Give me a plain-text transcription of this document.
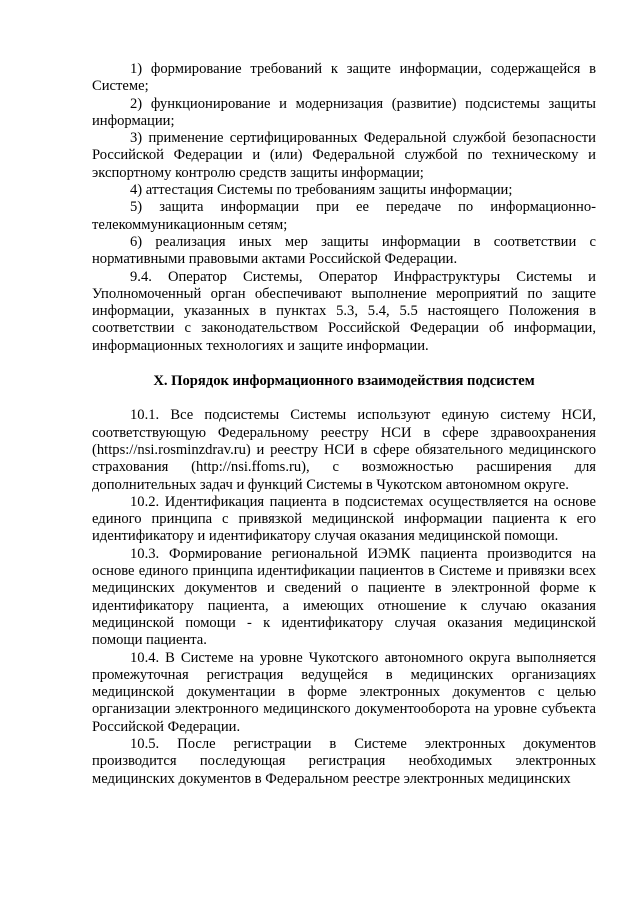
1) формирование требований к защите информации, содержащейся в Системе;

2) функционирование и модернизация (развитие) подсистемы защиты информации;

3) применение сертифицированных Федеральной службой безопасности Российской Федерации и (или) Федеральной службой по техническому и экспортному контролю средств защиты информации;

4) аттестация Системы по требованиям защиты информации;

5) защита информации при ее передаче по информационно-телекоммуникационным сетям;

6) реализация иных мер защиты информации в соответствии с нормативными правовыми актами Российской Федерации.

9.4. Оператор Системы, Оператор Инфраструктуры Системы и Уполномоченный орган обеспечивают выполнение мероприятий по защите информации, указанных в пунктах 5.3, 5.4, 5.5 настоящего Положения в соответствии с законодательством Российской Федерации об информации, информационных технологиях и защите информации.

X. Порядок информационного взаимодействия подсистем

10.1. Все подсистемы Системы используют единую систему НСИ, соответствующую Федеральному реестру НСИ в сфере здравоохранения (https://nsi.rosminzdrav.ru) и реестру НСИ в сфере обязательного медицинского страхования (http://nsi.ffoms.ru), с возможностью расширения для дополнительных задач и функций Системы в Чукотском автономном округе.

10.2. Идентификация пациента в подсистемах осуществляется на основе единого принципа с привязкой медицинской информации пациента к его идентификатору и идентификатору случая оказания медицинской помощи.

10.3. Формирование региональной ИЭМК пациента производится на основе единого принципа идентификации пациентов в Системе и привязки всех медицинских документов и сведений о пациенте в электронной форме к идентификатору пациента, а имеющих отношение к случаю оказания медицинской помощи - к идентификатору случая оказания медицинской помощи пациента.

10.4. В Системе на уровне Чукотского автономного округа выполняется промежуточная регистрация ведущейся в медицинских организациях медицинской документации в форме электронных документов с целью организации электронного медицинского документооборота на уровне субъекта Российской Федерации.

10.5. После регистрации в Системе электронных документов производится последующая регистрация необходимых электронных медицинских документов в Федеральном реестре электронных медицинских
